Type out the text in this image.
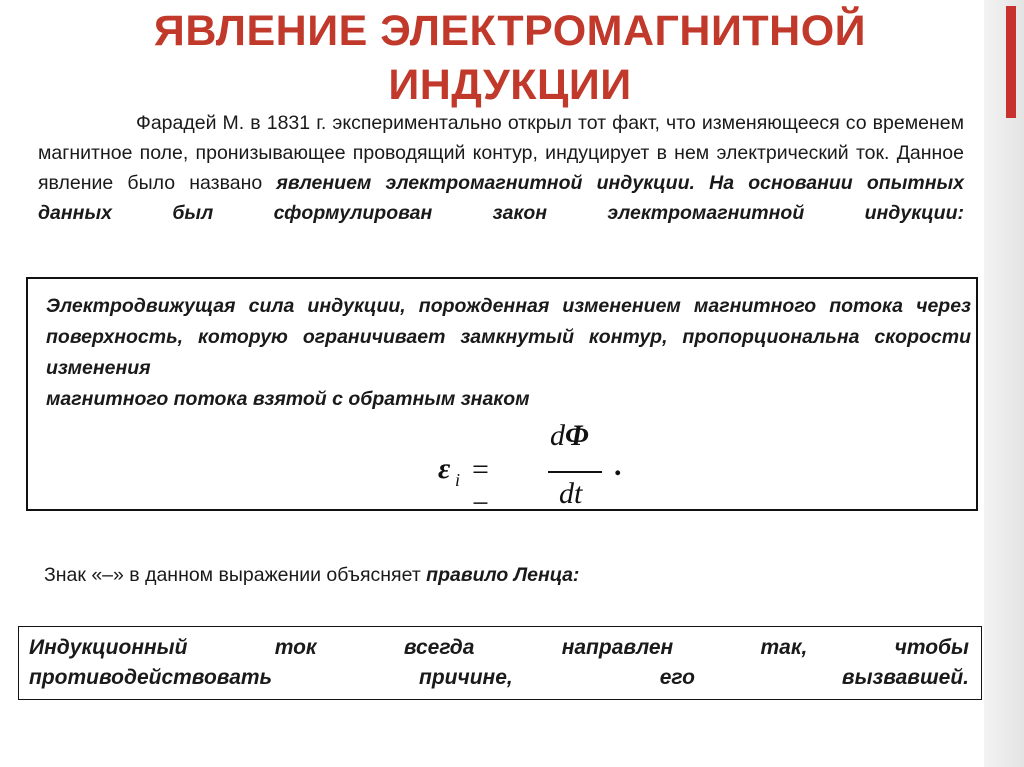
ЯВЛЕНИЕ ЭЛЕКТРОМАГНИТНОЙ
ИНДУКЦИИ

Фарадей М. в 1831 г. экспериментально открыл тот факт, что изменяющееся со временем магнитное поле, пронизывающее проводящий контур, индуцирует в нем электрический ток. Данное явление было названо явлением электромагнитной индукции. На основании опытных данных был сформулирован закон электромагнитной индукции:

Электродвижущая сила индукции, порожденная изменением магнитного потока через поверхность, которую ограничивает замкнутый контур, пропорциональна скорости изменения
магнитного потока взятой с обратным знаком

ε i = −
dΦ
dt
.

Знак «–» в данном выражении объясняет правило Ленца:

Индукционный ток всегда направлен так, чтобы
противодействовать причине, его вызвавшей.
